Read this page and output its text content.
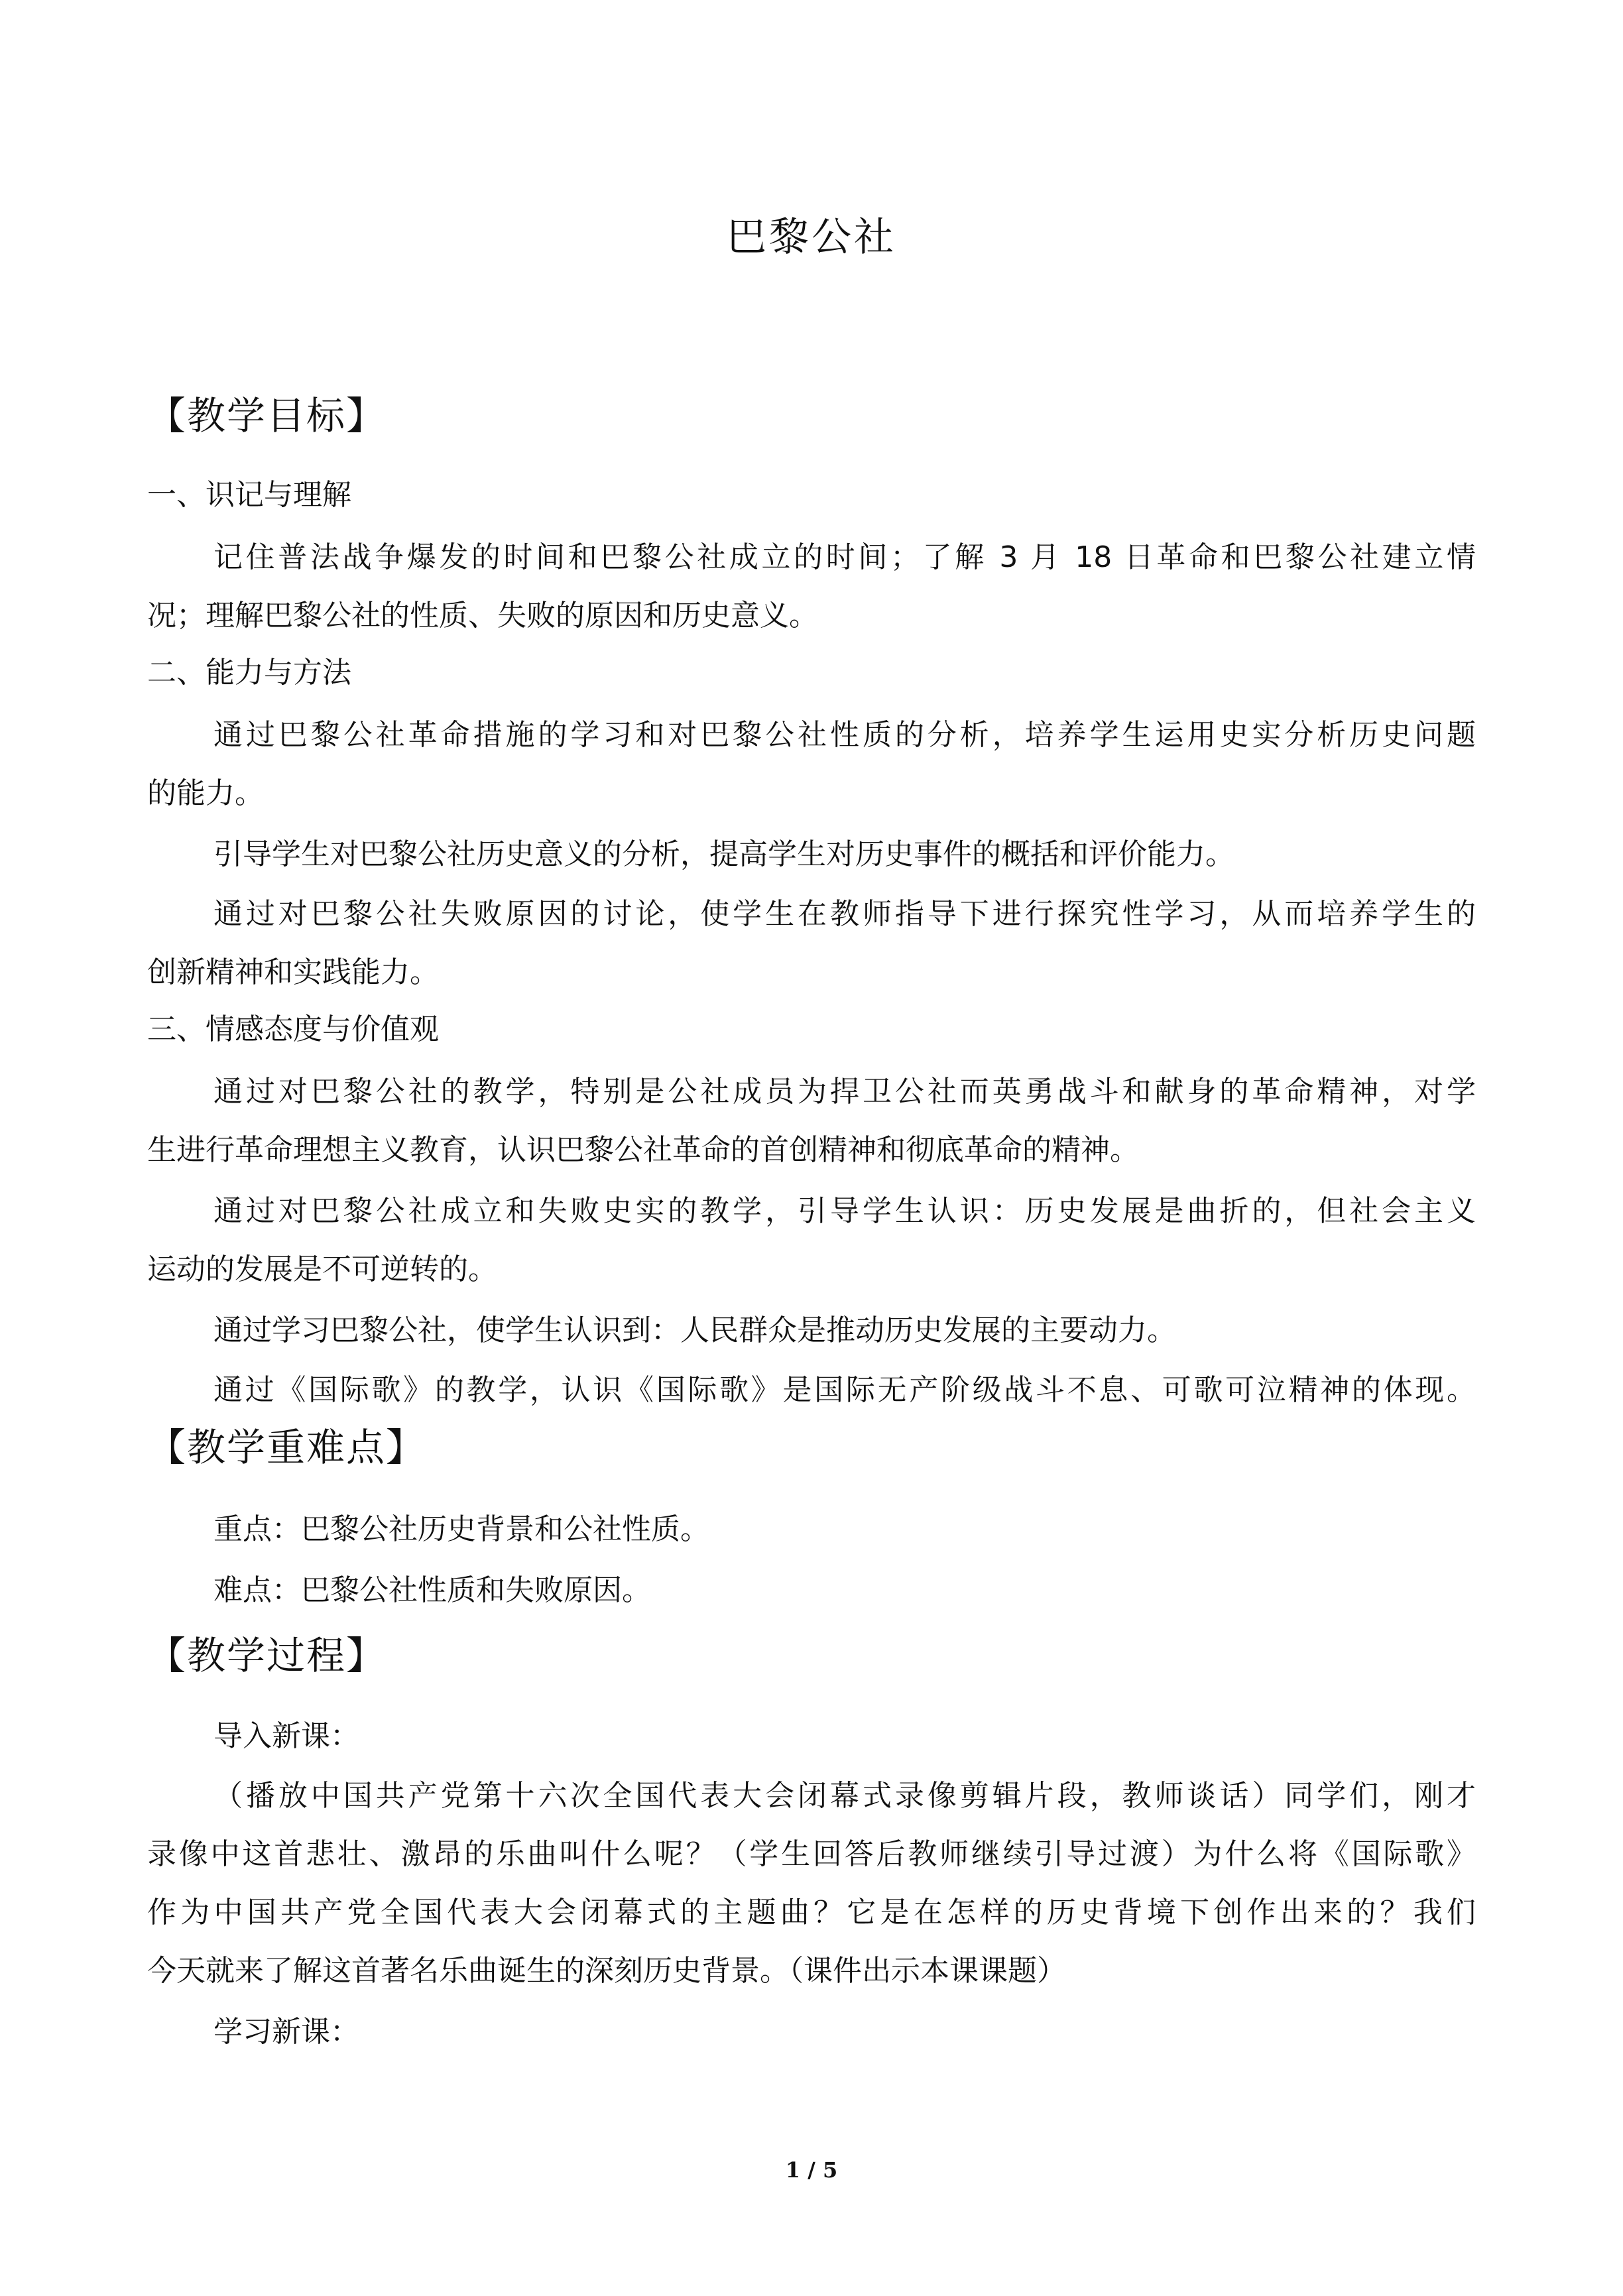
巴黎公社
【教学目标】
一、识记与理解
记住普法战争爆发的时间和巴黎公社成立的时间；了解 3 月 18 日革命和巴黎公社建立情
况；理解巴黎公社的性质、失败的原因和历史意义。
二、能力与方法
通过巴黎公社革命措施的学习和对巴黎公社性质的分析，培养学生运用史实分析历史问题
的能力。
引导学生对巴黎公社历史意义的分析，提高学生对历史事件的概括和评价能力。
通过对巴黎公社失败原因的讨论，使学生在教师指导下进行探究性学习，从而培养学生的
创新精神和实践能力。
三、情感态度与价值观
通过对巴黎公社的教学，特别是公社成员为捍卫公社而英勇战斗和献身的革命精神，对学
生进行革命理想主义教育，认识巴黎公社革命的首创精神和彻底革命的精神。
通过对巴黎公社成立和失败史实的教学，引导学生认识：历史发展是曲折的，但社会主义
运动的发展是不可逆转的。
通过学习巴黎公社，使学生认识到：人民群众是推动历史发展的主要动力。
通过《国际歌》的教学，认识《国际歌》是国际无产阶级战斗不息、可歌可泣精神的体现。
【教学重难点】
重点：巴黎公社历史背景和公社性质。
难点：巴黎公社性质和失败原因。
【教学过程】
导入新课：
（播放中国共产党第十六次全国代表大会闭幕式录像剪辑片段，教师谈话）同学们，刚才
录像中这首悲壮、激昂的乐曲叫什么呢？（学生回答后教师继续引导过渡）为什么将《国际歌》
作为中国共产党全国代表大会闭幕式的主题曲？它是在怎样的历史背境下创作出来的？我们
今天就来了解这首著名乐曲诞生的深刻历史背景。（课件出示本课课题）
学习新课：
1 / 5
